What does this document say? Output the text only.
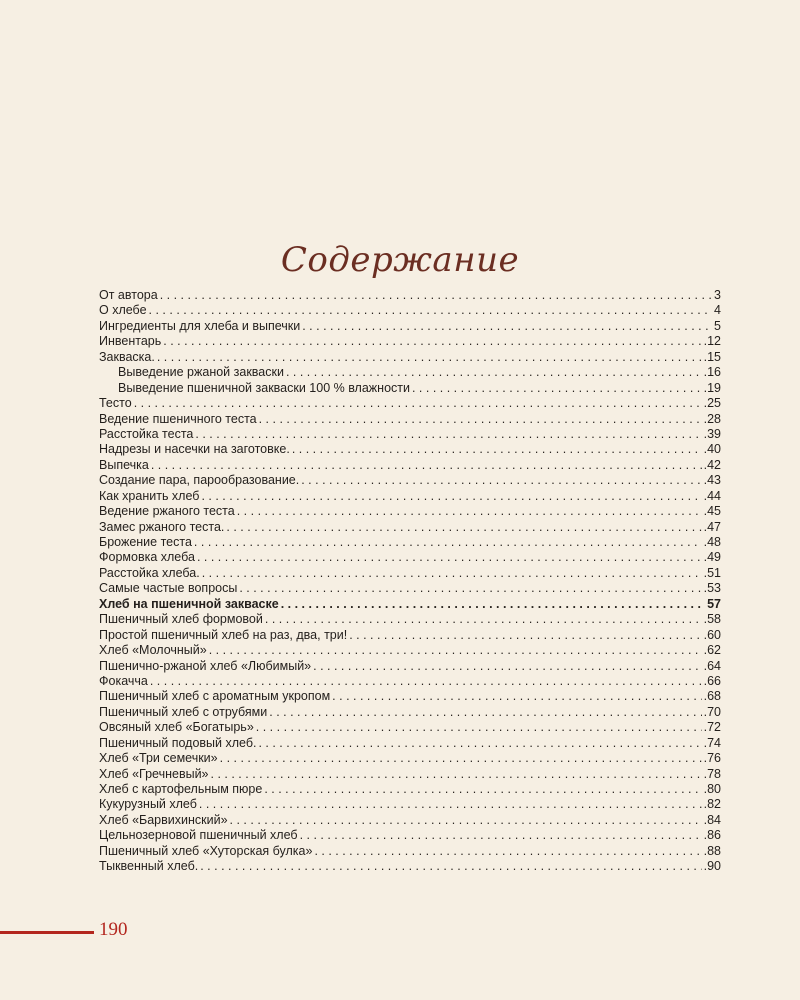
Содержание
От автора . . .	3
О хлебе . . .	4
Ингредиенты для хлеба и выпечки . . .	5
Инвентарь . . .	.12
Закваска. . . .	.15
Выведение ржаной закваски . . .	.16
Выведение пшеничной закваски 100 % влажности . . .	.19
Тесто . . .	.25
Ведение пшеничного теста . . .	.28
Расстойка теста . . .	.39
Надрезы и насечки на заготовке. . . .	.40
Выпечка . . .	.42
Создание пара, парообразование. . . .	.43
Как хранить хлеб . . .	.44
Ведение ржаного теста . . .	.45
Замес ржаного теста. . . .	.47
Брожение теста . . .	.48
Формовка хлеба . . .	.49
Расстойка хлеба. . . .	.51
Самые частые вопросы . . .	.53
Хлеб на пшеничной закваске . . .	57
Пшеничный хлеб формовой . . .	.58
Простой пшеничный хлеб на раз, два, три! . . .	.60
Хлеб «Молочный» . . .	.62
Пшенично-ржаной хлеб «Любимый» . . .	.64
Фокачча . . .	.66
Пшеничный хлеб с ароматным укропом . . .	.68
Пшеничный хлеб с отрубями . . .	.70
Овсяный хлеб «Богатырь» . . .	.72
Пшеничный подовый хлеб. . . .	.74
Хлеб «Три семечки» . . .	.76
Хлеб «Гречневый» . . .	.78
Хлеб с картофельным пюре . . .	.80
Кукурузный хлеб . . .	.82
Хлеб «Барвихинский» . . .	.84
Цельнозерновой пшеничный хлеб . . .	.86
Пшеничный хлеб «Хуторская булка» . . .	.88
Тыквенный хлеб. . . .	.90
190
